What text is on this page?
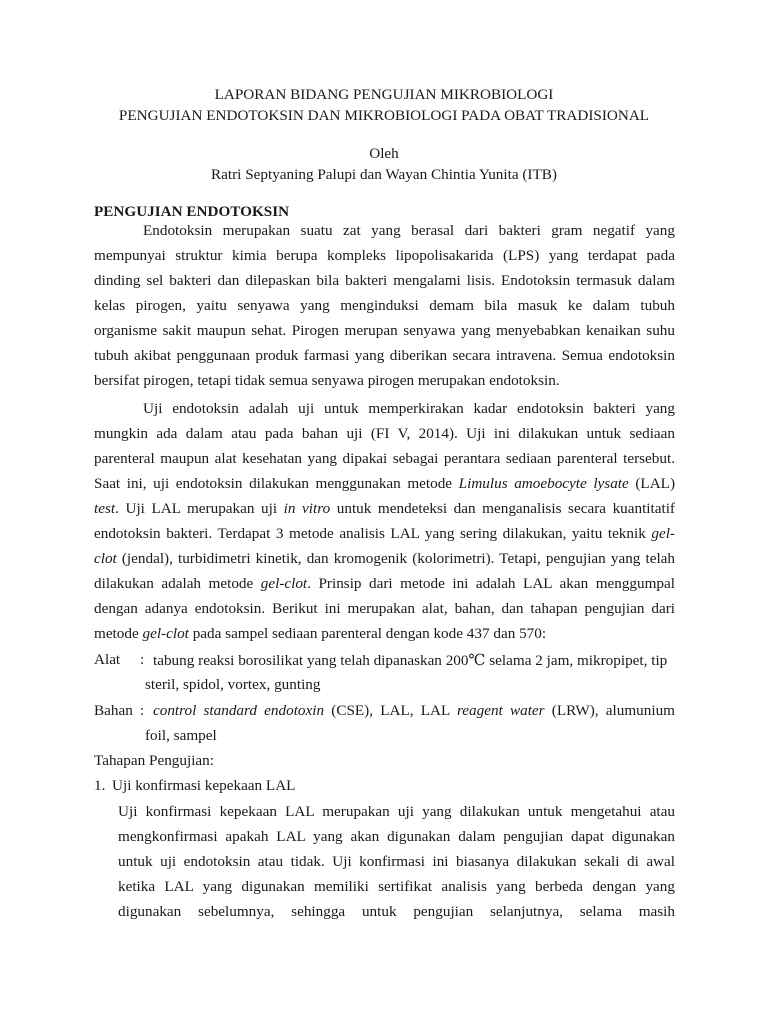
LAPORAN BIDANG PENGUJIAN MIKROBIOLOGI
PENGUJIAN ENDOTOKSIN DAN MIKROBIOLOGI PADA OBAT TRADISIONAL
Oleh
Ratri Septyaning Palupi dan Wayan Chintia Yunita (ITB)
PENGUJIAN ENDOTOKSIN
Endotoksin merupakan suatu zat yang berasal dari bakteri gram negatif yang
mempunyai struktur kimia berupa kompleks lipopolisakarida (LPS) yang terdapat pada
dinding sel bakteri dan dilepaskan bila bakteri mengalami lisis. Endotoksin termasuk dalam
kelas pirogen, yaitu senyawa yang menginduksi demam bila masuk ke dalam tubuh
organisme sakit maupun sehat. Pirogen merupan senyawa yang menyebabkan kenaikan suhu
tubuh akibat penggunaan produk farmasi yang diberikan secara intravena. Semua endotoksin
bersifat pirogen, tetapi tidak semua senyawa pirogen merupakan endotoksin.
Uji endotoksin adalah uji untuk memperkirakan kadar endotoksin bakteri yang
mungkin ada dalam atau pada bahan uji (FI V, 2014). Uji ini dilakukan untuk sediaan
parenteral maupun alat kesehatan yang dipakai sebagai perantara sediaan parenteral tersebut.
Saat ini, uji endotoksin dilakukan menggunakan metode Limulus amoebocyte lysate (LAL)
test. Uji LAL merupakan uji in vitro untuk mendeteksi dan menganalisis secara kuantitatif
endotoksin bakteri. Terdapat 3 metode analisis LAL yang sering dilakukan, yaitu teknik gel-
clot (jendal), turbidimetri kinetik, dan kromogenik (kolorimetri). Tetapi, pengujian yang telah
dilakukan adalah metode gel-clot. Prinsip dari metode ini adalah LAL akan menggumpal
dengan adanya endotoksin. Berikut ini merupakan alat, bahan, dan tahapan pengujian dari
metode gel-clot pada sampel sediaan parenteral dengan kode 437 dan 570:
Alat : tabung reaksi borosilikat yang telah dipanaskan 200℃ selama 2 jam, mikropipet, tip
steril, spidol, vortex, gunting
Bahan : control standard endotoxin (CSE), LAL, LAL reagent water (LRW), alumunium
foil, sampel
Tahapan Pengujian:
1. Uji konfirmasi kepekaan LAL
Uji konfirmasi kepekaan LAL merupakan uji yang dilakukan untuk mengetahui atau
mengkonfirmasi apakah LAL yang akan digunakan dalam pengujian dapat digunakan
untuk uji endotoksin atau tidak. Uji konfirmasi ini biasanya dilakukan sekali di awal
ketika LAL yang digunakan memiliki sertifikat analisis yang berbeda dengan yang
digunakan sebelumnya, sehingga untuk pengujian selanjutnya, selama masih
